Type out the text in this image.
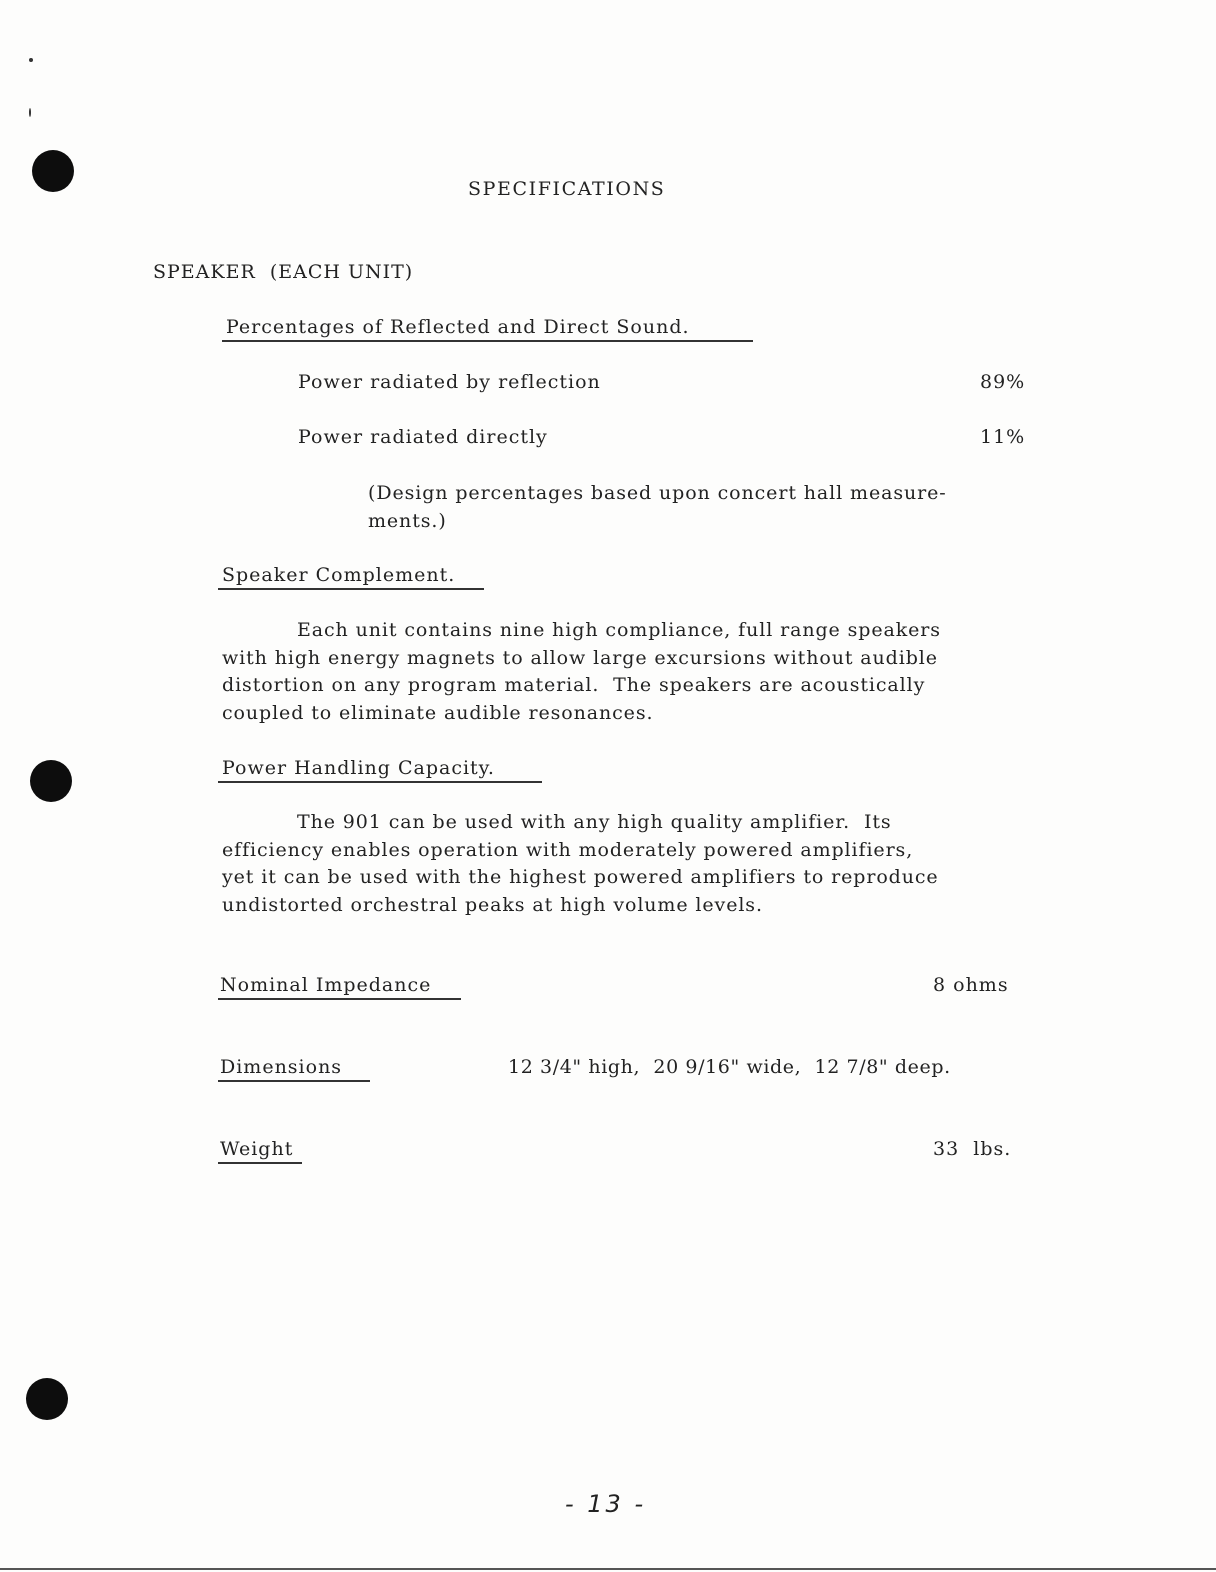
SPECIFICATIONS
SPEAKER  (EACH UNIT)
Percentages of Reflected and Direct Sound.
Power radiated by reflection	89%
Power radiated directly	11%
(Design percentages based upon concert hall measure-
ments.)
Speaker Complement.
Each unit contains nine high compliance, full range speakers
with high energy magnets to allow large excursions without audible
distortion on any program material.  The speakers are acoustically
coupled to eliminate audible resonances.
Power Handling Capacity.
The 901 can be used with any high quality amplifier.  Its
efficiency enables operation with moderately powered amplifiers,
yet it can be used with the highest powered amplifiers to reproduce
undistorted orchestral peaks at high volume levels.
Nominal Impedance	8 ohms
Dimensions	12 3/4" high,  20 9/16" wide,  12 7/8" deep.
Weight	33  lbs.
- 13 -
